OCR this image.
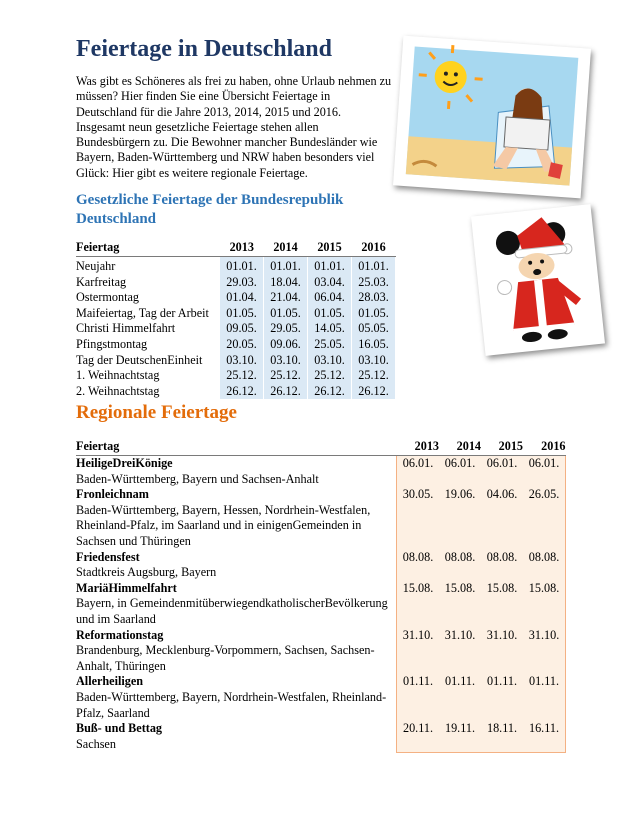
Feiertage in Deutschland

Was gibt es Schöneres als frei zu haben, ohne Urlaub nehmen zu müssen? Hier finden Sie eine Übersicht Feiertage in Deutschland für die Jahre 2013, 2014, 2015 und 2016. Insgesamt neun gesetzliche Feiertage stehen allen Bundesbürgern zu. Die Bewohner mancher Bundesländer wie Bayern, Baden-Württemberg und NRW haben besonders viel Glück: Hier gibt es weitere regionale Feiertage.

Gesetzliche Feiertage der Bundesrepublik Deutschland
Feiertag	2013	2014	2015	2016
Neujahr	01.01.	01.01.	01.01.	01.01.
Karfreitag	29.03.	18.04.	03.04.	25.03.
Ostermontag	01.04.	21.04.	06.04.	28.03.
Maifeiertag, Tag der Arbeit	01.05.	01.05.	01.05.	01.05.
Christi Himmelfahrt	09.05.	29.05.	14.05.	05.05.
Pfingstmontag	20.05.	09.06.	25.05.	16.05.
Tag der DeutschenEinheit	03.10.	03.10.	03.10.	03.10.
1. Weihnachtstag	25.12.	25.12.	25.12.	25.12.
2. Weihnachtstag	26.12.	26.12.	26.12.	26.12.
Regionale Feiertage
Feiertag	2013	2014	2015	2016

HeiligeDreiKönige
Baden-Württemberg, Bayern und Sachsen-Anhalt	06.01.	06.01.	06.01.	06.01.

Fronleichnam
Baden-Württemberg, Bayern, Hessen, Nordrhein-Westfalen, Rheinland-Pfalz, im Saarland und in einigenGemeinden in Sachsen und Thüringen	30.05.	19.06.	04.06.	26.05.

Friedensfest
Stadtkreis Augsburg, Bayern	08.08.	08.08.	08.08.	08.08.

MariäHimmelfahrt
Bayern, in GemeindenmitüberwiegendkatholischerBevölkerung und im Saarland	15.08.	15.08.	15.08.	15.08.

Reformationstag
Brandenburg, Mecklenburg-Vorpommern, Sachsen, Sachsen-Anhalt, Thüringen	31.10.	31.10.	31.10.	31.10.

Allerheiligen
Baden-Württemberg, Bayern, Nordrhein-Westfalen, Rheinland-Pfalz, Saarland	01.11.	01.11.	01.11.	01.11.

Buß- und Bettag
Sachsen	20.11.	19.11.	18.11.	16.11.
